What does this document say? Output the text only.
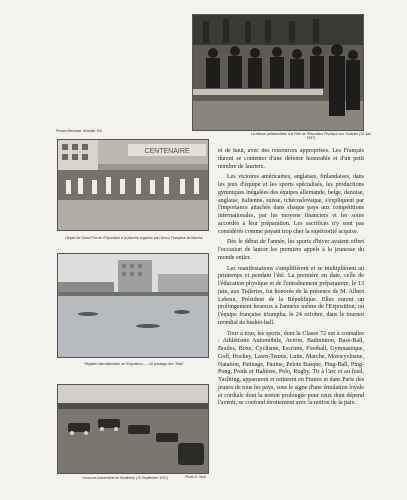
Photos Meurisse, Mondial, Rol
La tribune présidentielle à la Fête de l'Éducation Physique aux Tuileries (13 Juin 1937)
CENTENAIRE
Départ du Grand Prix de l'Exposition à la Marche organisé par l'Union Française de Marche
Régates Internationales de l'Exposition. — Un passage des "Rats"
Photo G. Mori
Concours Automobile de Monthléry (19 Septembre 1937)

et de haut, avec des ressources appropriées. Les Français durent se contenter d'une défense honorable et d'un petit nombre de lauriers.

Les victoires américaines, anglaises, finlandaises, dans les jeux d'équipe et les sports spécialisés, les productions gymniques inégalées des équipes allemande, belge, danoise, anglaise, italienne, suisse, tchécoslovaque, s'expliquent par l'importance attachée dans chaque pays aux compétitions internationales, par les moyens financiers et les soins accordés à leur préparation. Les sacrifices n'y sont pas considérés comme payant trop cher la supériorité acquise.

Dès le début de l'année, les sports d'hiver avaient offert l'occasion de lancer les premiers appels à la jeunesse du monde entier.

Les manifestations s'amplifièrent et se multiplièrent au printemps et pendant l'été. La première en date, celle de l'éducation physique et de l'entraînement préparatoire, le 13 juin, aux Tuileries, fut honorée de la présence de M. Albert Lebrun, Président de la République. Elles eurent un prolongement heureux à l'annexe même de l'Exposition, où l'équipe française triompha, le 24 octobre, dans le tournoi mondial de basket-ball.

Tour à tour, les sports, dont la Classe 72 eut à connaître : Athlétisme Automobile, Aviron, Badminton, Base-Ball, Boules, Boxe, Cyclisme, Escrime, Football, Gymnastique, Golf, Hockey, Lawn-Tennis, Lutte, Marche, Motocyclisme, Natation, Patinage, Paume, Pelote Basque, Ping-Ball, Ping-Pong, Poids et Haltères, Polo, Rugby, Tir à l'arc et au fusil, Yachting, apparurent et retinrent en France et dans Paris des jeunes de tous les pays, sous le signe d'une émulation loyale et cordiale dont la notion prolongée pour ceux dont dépend l'avenir, se confond étroitement avec la notion de la paix.
